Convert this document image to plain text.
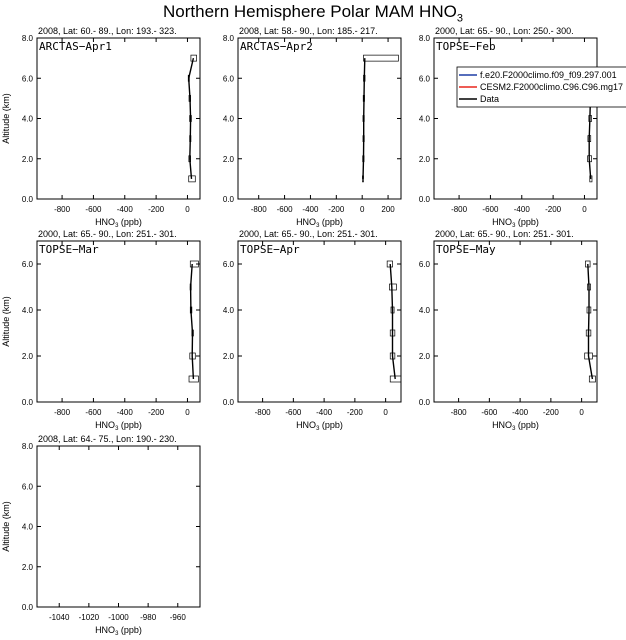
Northern Hemisphere Polar MAM $HNO_3$
2008, Lat: 60.- 89., Lon: 193.- 323.
ARCTAS−Apr1
-800 -600 -400 -200	0
0.0
2.0
4.0
6.0
8.0
$HNO_3$ (ppb)
Altitude (km)
2008, Lat: 58.- 90., Lon: 185.- 217.
ARCTAS−Apr2
-800 -600 -400 -200 0 200
0.0
2.0
4.0
6.0
8.0
$HNO_3$ (ppb)
2000, Lat: 65.- 90., Lon: 250.- 300.
TOPSE−Feb
-800 -600 -400 -200	0
0.0
2.0
4.0
6.0
8.0
$HNO_3$ (ppb)
2000, Lat: 65.- 90., Lon: 251.- 301.
TOPSE−Mar
-800 -600 -400 -200	0
0.0
2.0
4.0
6.0
$HNO_3$ (ppb)
Altitude (km)
2000, Lat: 65.- 90., Lon: 251.- 301.
TOPSE−Apr
-800 -600 -400 -200	0
0.0
2.0
4.0
6.0
$HNO_3$ (ppb)
2000, Lat: 65.- 90., Lon: 251.- 301.
TOPSE−May
-800 -600 -400 -200	0
0.0
2.0
4.0
6.0
$HNO_3$ (ppb)
2008, Lat: 64.- 75., Lon: 190.- 230.
-1040 -1020 -1000 -980 -960
0.0
2.0
4.0
6.0
8.0
$HNO_3$ (ppb)
Altitude (km)
f.e20.F2000climo.f09_f09.297.001
CESM2.F2000climo.C96.C96.mg17
Data
